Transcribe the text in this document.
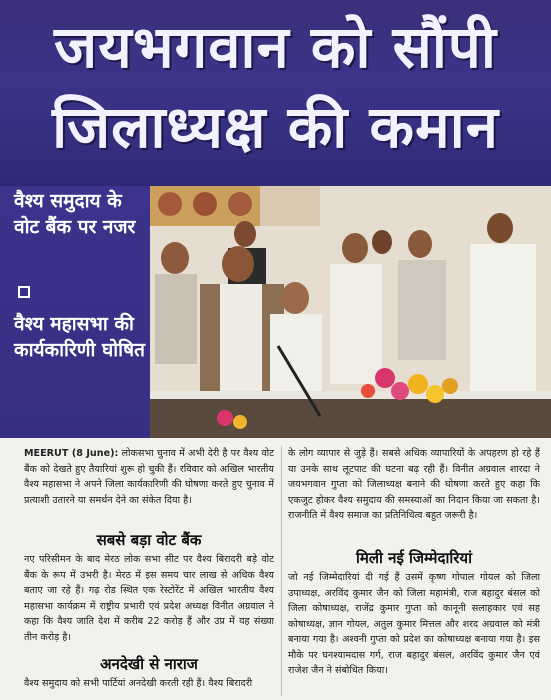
जयभगवान को सौंपी
जिलाध्यक्ष की कमान
वैश्य समुदाय के वोट बैंक पर नजर
वैश्य महासभा की कार्यकारिणी घोषित
MEERUT (8 June): लोकसभा चुनाव में अभी देरी है पर वैश्य वोट बैंक को देखते हुए तैयारियां शुरू हो चुकी हैं। रविवार को अखिल भारतीय वैश्य महासभा ने अपने जिला कार्यकारिणी की घोषणा करते हुए चुनाव में प्रत्याशी उतारने या समर्थन देने का संकेत दिया है।
सबसे बड़ा वोट बैंक
नए परिसीमन के बाद मेरठ लोक सभा सीट पर वैश्य बिरादरी बड़े वोट बैंक के रूप में उभरी है। मेरठ में इस समय चार लाख से अधिक वैश्य बताए जा रहे हैं। गढ़ रोड स्थित एक रेस्टोरेंट में अखिल भारतीय वैश्य महासभा कार्यक्रम में राष्ट्रीय प्रभारी एवं प्रदेश अध्यक्ष विनीत अग्रवाल ने कहा कि वैश्य जाति देश में करीब 22 करोड़ हैं और उप्र में यह संख्या तीन करोड़ है।
अनदेखी से नाराज
वैश्य समुदाय को सभी पार्टियां अनदेखी करती रही हैं। वैश्य बिरादरी
के लोग व्यापार से जुड़े हैं। सबसे अधिक व्यापारियों के अपहरण हो रहे हैं या उनके साथ लूटपाट की घटना बढ़ रही हैं। विनीत अग्रवाल शारदा ने जयभगवान गुप्ता को जिलाध्यक्ष बनाने की घोषणा करते हुए कहा कि एकजुट होकर वैश्य समुदाय की समस्याओं का निदान किया जा सकता है। राजनीति में वैश्य समाज का प्रतिनिधित्व बहुत जरूरी है।
मिली नई जिम्मेदारियां
जो नई जिम्मेदारियां दी गई हैं उसमें कृष्ण गोपाल गोयल को जिला उपाध्यक्ष, अरविंद कुमार जैन को जिला महामंत्री, राज बहादुर बंसल को जिला कोषाध्यक्ष, राजेंद्र कुमार गुप्ता को कानूनी सलाहकार एवं सह कोषाध्यक्ष, ज्ञान गोयल, अतुल कुमार मित्तल और शरद अग्रवाल को मंत्री बनाया गया है। अश्वनी गुप्ता को प्रदेश का कोषाध्यक्ष बनाया गया है। इस मौके पर घनश्यामदास गर्ग, राज बहादुर बंसल, अरविंद कुमार जैन एवं राजेश जैन ने संबोधित किया।
